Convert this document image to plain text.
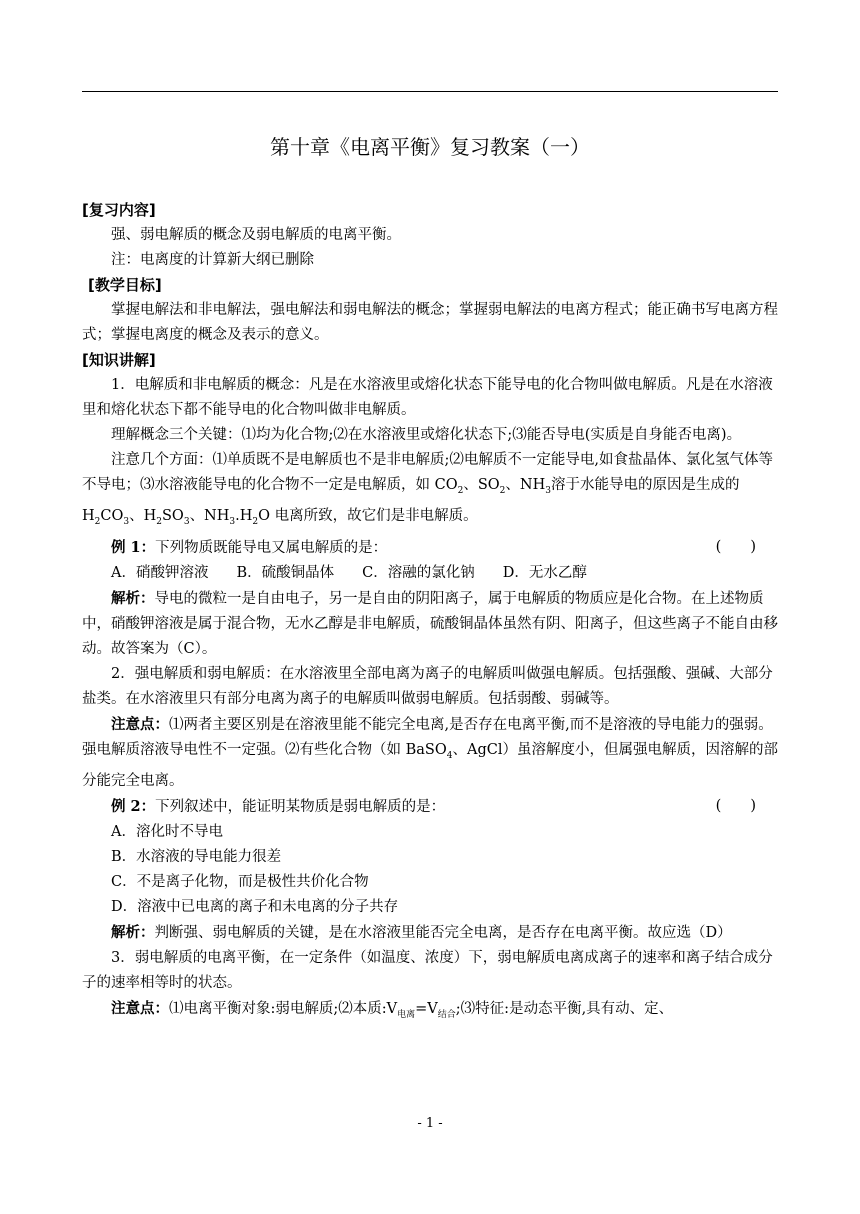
第十章《电离平衡》复习教案（一）

[复习内容]

强、弱电解质的概念及弱电解质的电离平衡。

注：电离度的计算新大纲已删除

[教学目标]

掌握电解法和非电解法，强电解法和弱电解法的概念；掌握弱电解法的电离方程式；能正确书写电离方程式；掌握电离度的概念及表示的意义。

[知识讲解]

1．电解质和非电解质的概念：凡是在水溶液里或熔化状态下能导电的化合物叫做电解质。凡是在水溶液里和熔化状态下都不能导电的化合物叫做非电解质。

理解概念三个关键：⑴均为化合物;⑵在水溶液里或熔化状态下;⑶能否导电(实质是自身能否电离)。

注意几个方面：⑴单质既不是电解质也不是非电解质;⑵电解质不一定能导电,如食盐晶体、氯化氢气体等不导电；⑶水溶液能导电的化合物不一定是电解质，如 $CO_2$、$SO_2$、$NH_3$溶于水能导电的原因是生成的 $H_2CO_3$、$H_2SO_3$、$NH_3.H_2O$ 电离所致，故它们是非电解质。

例 1：下列物质既能导电又属电解质的是：	(　　)
A．硝酸钾溶液 B．硫酸铜晶体 C．溶融的氯化钠 D．无水乙醇

解析：导电的微粒一是自由电子，另一是自由的阴阳离子，属于电解质的物质应是化合物。在上述物质中，硝酸钾溶液是属于混合物，无水乙醇是非电解质，硫酸铜晶体虽然有阴、阳离子，但这些离子不能自由移动。故答案为（C）。

2．强电解质和弱电解质：在水溶液里全部电离为离子的电解质叫做强电解质。包括强酸、强碱、大部分盐类。在水溶液里只有部分电离为离子的电解质叫做弱电解质。包括弱酸、弱碱等。

注意点：⑴两者主要区别是在溶液里能不能完全电离,是否存在电离平衡,而不是溶液的导电能力的强弱。强电解质溶液导电性不一定强。⑵有些化合物（如 BaSO$_4$、AgCl）虽溶解度小，但属强电解质，因溶解的部分能完全电离。

例 2：下列叙述中，能证明某物质是弱电解质的是：	(　　)

A．溶化时不导电

B．水溶液的导电能力很差

C．不是离子化物，而是极性共价化合物

D．溶液中已电离的离子和未电离的分子共存

解析：判断强、弱电解质的关键，是在水溶液里能否完全电离，是否存在电离平衡。故应选（D）

3．弱电解质的电离平衡，在一定条件（如温度、浓度）下，弱电解质电离成离子的速率和离子结合成分子的速率相等时的状态。

注意点：⑴电离平衡对象:弱电解质;⑵本质$:V_{电离}=V_{结合};⑶$特征:是动态平衡,具有动、定、

- 1 -
